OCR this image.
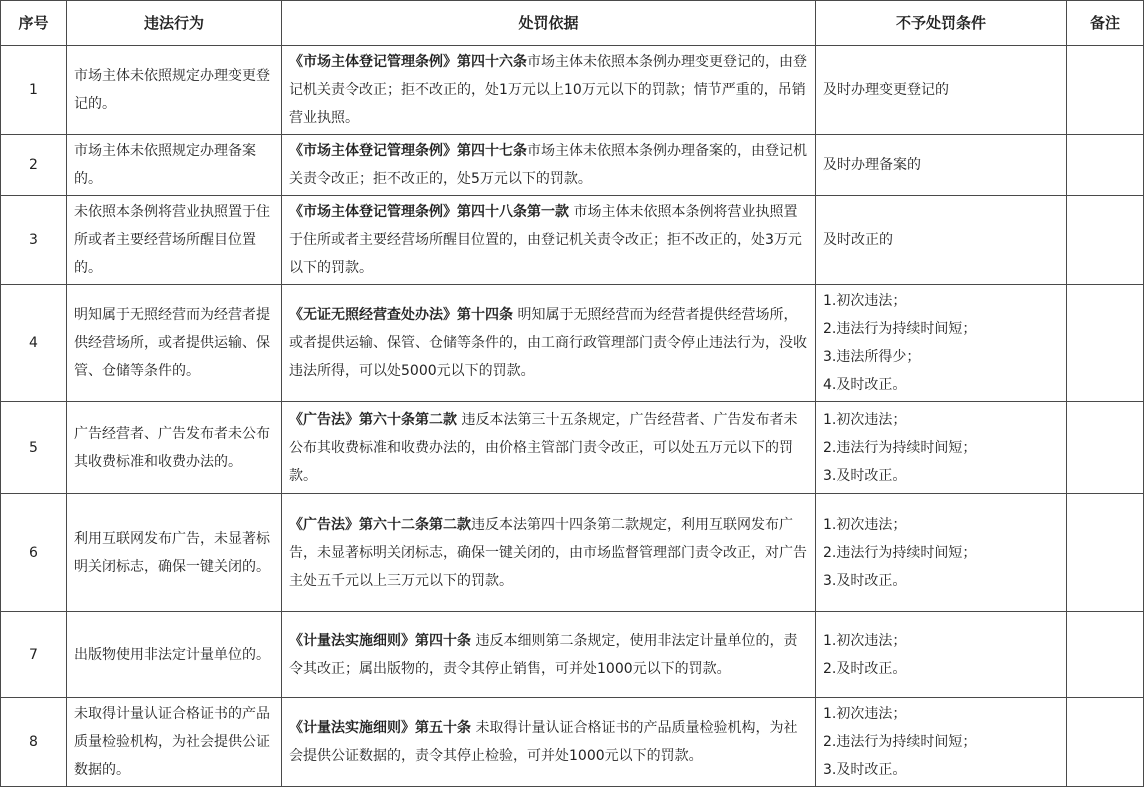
序号	违法行为	处罚依据	不予处罚条件	备注
1	市场主体未依照规定办理变更登记的。	《市场主体登记管理条例》第四十六条市场主体未依照本条例办理变更登记的，由登记机关责令改正；拒不改正的，处1万元以上10万元以下的罚款；情节严重的，吊销营业执照。	及时办理变更登记的	

2	市场主体未依照规定办理备案的。	《市场主体登记管理条例》第四十七条市场主体未依照本条例办理备案的，由登记机关责令改正；拒不改正的，处5万元以下的罚款。	及时办理备案的	

3	未依照本条例将营业执照置于住所或者主要经营场所醒目位置的。	《市场主体登记管理条例》第四十八条第一款 市场主体未依照本条例将营业执照置于住所或者主要经营场所醒目位置的，由登记机关责令改正；拒不改正的，处3万元以下的罚款。	及时改正的	

4	明知属于无照经营而为经营者提供经营场所，或者提供运输、保管、仓储等条件的。	《无证无照经营查处办法》第十四条 明知属于无照经营而为经营者提供经营场所，或者提供运输、保管、仓储等条件的，由工商行政管理部门责令停止违法行为，没收违法所得，可以处5000元以下的罚款。	1.初次违法；
2.违法行为持续时间短；
3.违法所得少；
4.及时改正。	

5	广告经营者、广告发布者未公布其收费标准和收费办法的。	《广告法》第六十条第二款 违反本法第三十五条规定，广告经营者、广告发布者未公布其收费标准和收费办法的，由价格主管部门责令改正，可以处五万元以下的罚款。	1.初次违法；
2.违法行为持续时间短；
3.及时改正。	

6	利用互联网发布广告，未显著标明关闭标志，确保一键关闭的。	《广告法》第六十二条第二款违反本法第四十四条第二款规定，利用互联网发布广告，未显著标明关闭标志，确保一键关闭的，由市场监督管理部门责令改正，对广告主处五千元以上三万元以下的罚款。	1.初次违法；
2.违法行为持续时间短；
3.及时改正。	

7	出版物使用非法定计量单位的。	《计量法实施细则》第四十条 违反本细则第二条规定，使用非法定计量单位的，责令其改正；属出版物的，责令其停止销售，可并处1000元以下的罚款。	1.初次违法；
2.及时改正。	

8	未取得计量认证合格证书的产品质量检验机构，为社会提供公证数据的。	《计量法实施细则》第五十条 未取得计量认证合格证书的产品质量检验机构，为社会提供公证数据的，责令其停止检验，可并处1000元以下的罚款。	1.初次违法；
2.违法行为持续时间短；
3.及时改正。	
